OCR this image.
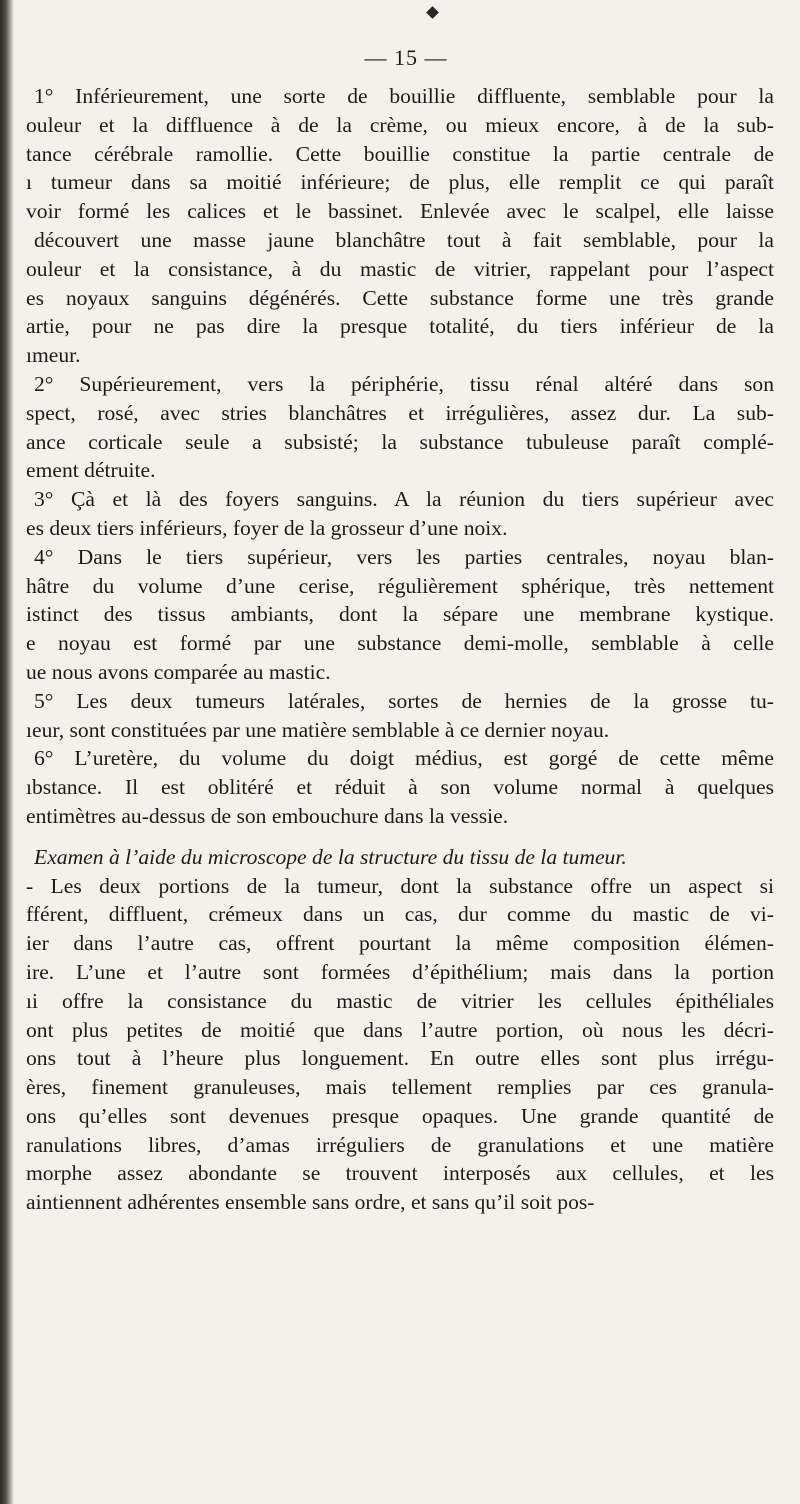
— 15 —

1° Inférieurement, une sorte de bouillie diffluente, semblable pour la

ouleur et la diffluence à de la crème, ou mieux encore, à de la sub-

tance cérébrale ramollie. Cette bouillie constitue la partie centrale de

ı tumeur dans sa moitié inférieure; de plus, elle remplit ce qui paraît

voir formé les calices et le bassinet. Enlevée avec le scalpel, elle laisse

découvert une masse jaune blanchâtre tout à fait semblable, pour la

ouleur et la consistance, à du mastic de vitrier, rappelant pour l’aspect

es noyaux sanguins dégénérés. Cette substance forme une très grande

artie, pour ne pas dire la presque totalité, du tiers inférieur de la

ımeur.

2° Supérieurement, vers la périphérie, tissu rénal altéré dans son

spect, rosé, avec stries blanchâtres et irrégulières, assez dur. La sub-

ance corticale seule a subsisté; la substance tubuleuse paraît complé-

ement détruite.

3° Çà et là des foyers sanguins. A la réunion du tiers supérieur avec

es deux tiers inférieurs, foyer de la grosseur d’une noix.

4° Dans le tiers supérieur, vers les parties centrales, noyau blan-

hâtre du volume d’une cerise, régulièrement sphérique, très nettement

istinct des tissus ambiants, dont la sépare une membrane kystique.

e noyau est formé par une substance demi-molle, semblable à celle

ue nous avons comparée au mastic.

5° Les deux tumeurs latérales, sortes de hernies de la grosse tu-

ıeur, sont constituées par une matière semblable à ce dernier noyau.

6° L’uretère, du volume du doigt médius, est gorgé de cette même

ıbstance. Il est oblitéré et réduit à son volume normal à quelques

entimètres au-dessus de son embouchure dans la vessie.

Examen à l’aide du microscope de la structure du tissu de la tumeur.

- Les deux portions de la tumeur, dont la substance offre un aspect si

fférent, diffluent, crémeux dans un cas, dur comme du mastic de vi-

ier dans l’autre cas, offrent pourtant la même composition élémen-

ire. L’une et l’autre sont formées d’épithélium; mais dans la portion

ıi offre la consistance du mastic de vitrier les cellules épithéliales

ont plus petites de moitié que dans l’autre portion, où nous les décri-

ons tout à l’heure plus longuement. En outre elles sont plus irrégu-

ères, finement granuleuses, mais tellement remplies par ces granula-

ons qu’elles sont devenues presque opaques. Une grande quantité de

ranulations libres, d’amas irréguliers de granulations et une matière

morphe assez abondante se trouvent interposés aux cellules, et les

aintiennent adhérentes ensemble sans ordre, et sans qu’il soit pos-
